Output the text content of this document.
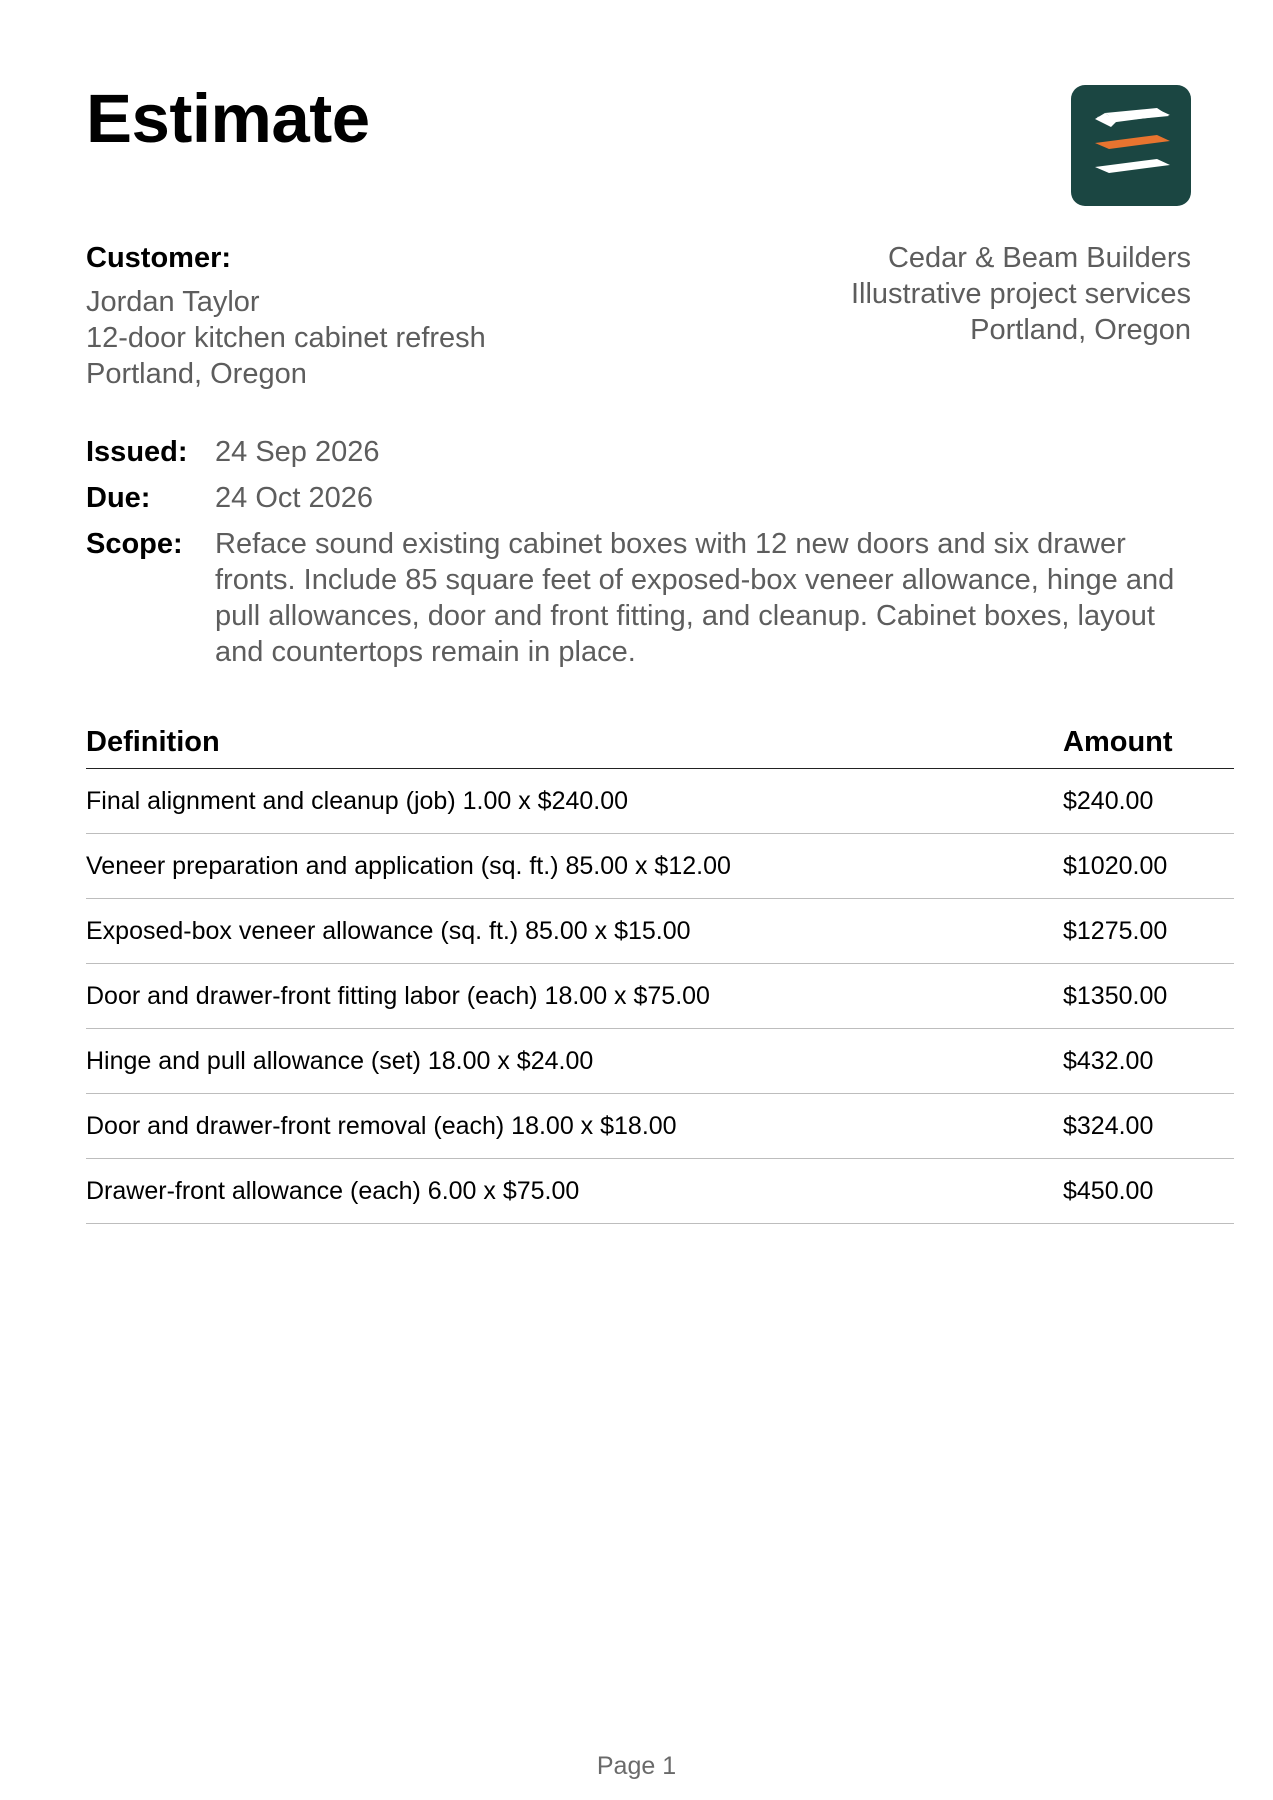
Estimate
Customer:
Jordan Taylor
12-door kitchen cabinet refresh
Portland, Oregon
Cedar & Beam Builders
Illustrative project services
Portland, Oregon
Issued: 24 Sep 2026
Due:	24 Oct 2026
Scope:	Reface sound existing cabinet boxes with 12 new doors and six drawer fronts. Include 85 square feet of exposed-box veneer allowance, hinge and pull allowances, door and front fitting, and cleanup. Cabinet boxes, layout and countertops remain in place.
Definition	Amount
Final alignment and cleanup (job) 1.00 x $240.00	$240.00
Veneer preparation and application (sq. ft.) 85.00 x $12.00	$1020.00
Exposed-box veneer allowance (sq. ft.) 85.00 x $15.00	$1275.00
Door and drawer-front fitting labor (each) 18.00 x $75.00	$1350.00
Hinge and pull allowance (set) 18.00 x $24.00	$432.00
Door and drawer-front removal (each) 18.00 x $18.00	$324.00
Drawer-front allowance (each) 6.00 x $75.00	$450.00
Page 1
